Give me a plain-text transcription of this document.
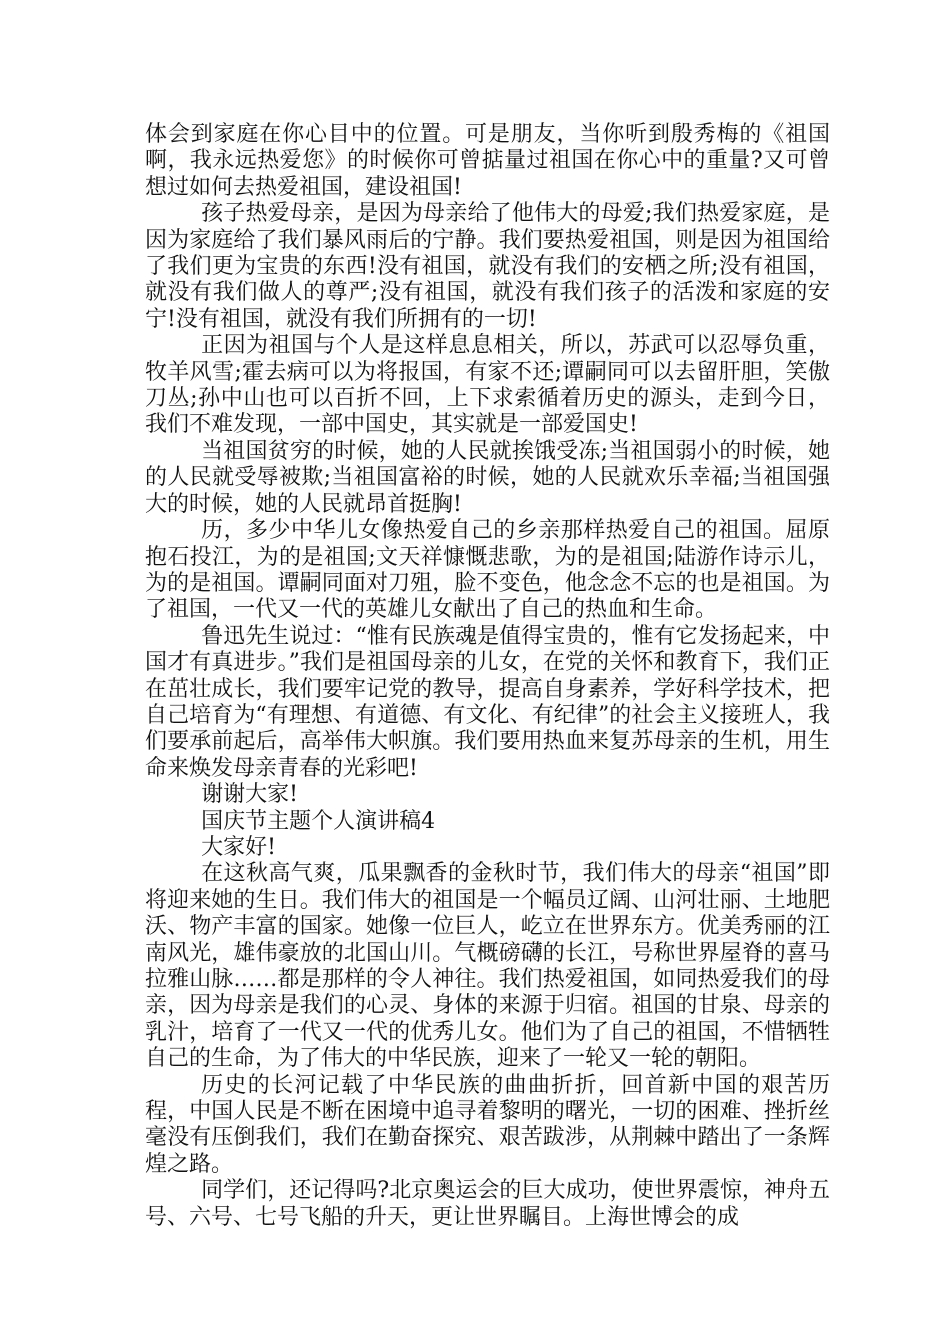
体会到家庭在你心目中的位置。可是朋友，当你听到殷秀梅的《祖国啊，我永远热爱您》的时候你可曾掂量过祖国在你心中的重量?又可曾想过如何去热爱祖国，建设祖国!

孩子热爱母亲，是因为母亲给了他伟大的母爱;我们热爱家庭，是因为家庭给了我们暴风雨后的宁静。我们要热爱祖国，则是因为祖国给了我们更为宝贵的东西!没有祖国，就没有我们的安栖之所;没有祖国，就没有我们做人的尊严;没有祖国，就没有我们孩子的活泼和家庭的安宁!没有祖国，就没有我们所拥有的一切!

正因为祖国与个人是这样息息相关，所以，苏武可以忍辱负重，牧羊风雪;霍去病可以为将报国，有家不还;谭嗣同可以去留肝胆，笑傲刀丛;孙中山也可以百折不回，上下求索循着历史的源头，走到今日，我们不难发现，一部中国史，其实就是一部爱国史!

当祖国贫穷的时候，她的人民就挨饿受冻;当祖国弱小的时候，她的人民就受辱被欺;当祖国富裕的时候，她的人民就欢乐幸福;当祖国强大的时候，她的人民就昂首挺胸!

历，多少中华儿女像热爱自己的乡亲那样热爱自己的祖国。屈原抱石投江，为的是祖国;文天祥慷慨悲歌，为的是祖国;陆游作诗示儿，为的是祖国。谭嗣同面对刀殂，脸不变色，他念念不忘的也是祖国。为了祖国，一代又一代的英雄儿女献出了自己的热血和生命。

鲁迅先生说过：“惟有民族魂是值得宝贵的，惟有它发扬起来，中国才有真进步。”我们是祖国母亲的儿女，在党的关怀和教育下，我们正在茁壮成长，我们要牢记党的教导，提高自身素养，学好科学技术，把自己培育为“有理想、有道德、有文化、有纪律”的社会主义接班人，我们要承前起后，高举伟大帜旗。我们要用热血来复苏母亲的生机，用生命来焕发母亲青春的光彩吧!

谢谢大家!

国庆节主题个人演讲稿4

大家好!

在这秋高气爽，瓜果飘香的金秋时节，我们伟大的母亲“祖国”即将迎来她的生日。我们伟大的祖国是一个幅员辽阔、山河壮丽、土地肥沃、物产丰富的国家。她像一位巨人，屹立在世界东方。优美秀丽的江南风光，雄伟豪放的北国山川。气概磅礴的长江，号称世界屋脊的喜马拉雅山脉……都是那样的令人神往。我们热爱祖国，如同热爱我们的母亲，因为母亲是我们的心灵、身体的来源于归宿。祖国的甘泉、母亲的乳汁，培育了一代又一代的优秀儿女。他们为了自己的祖国，不惜牺牲自己的生命，为了伟大的中华民族，迎来了一轮又一轮的朝阳。

历史的长河记载了中华民族的曲曲折折，回首新中国的艰苦历程，中国人民是不断在困境中追寻着黎明的曙光，一切的困难、挫折丝毫没有压倒我们，我们在勤奋探究、艰苦跋涉，从荆棘中踏出了一条辉煌之路。

同学们，还记得吗?北京奥运会的巨大成功，使世界震惊，神舟五号、六号、七号飞船的升天，更让世界瞩目。上海世博会的成
